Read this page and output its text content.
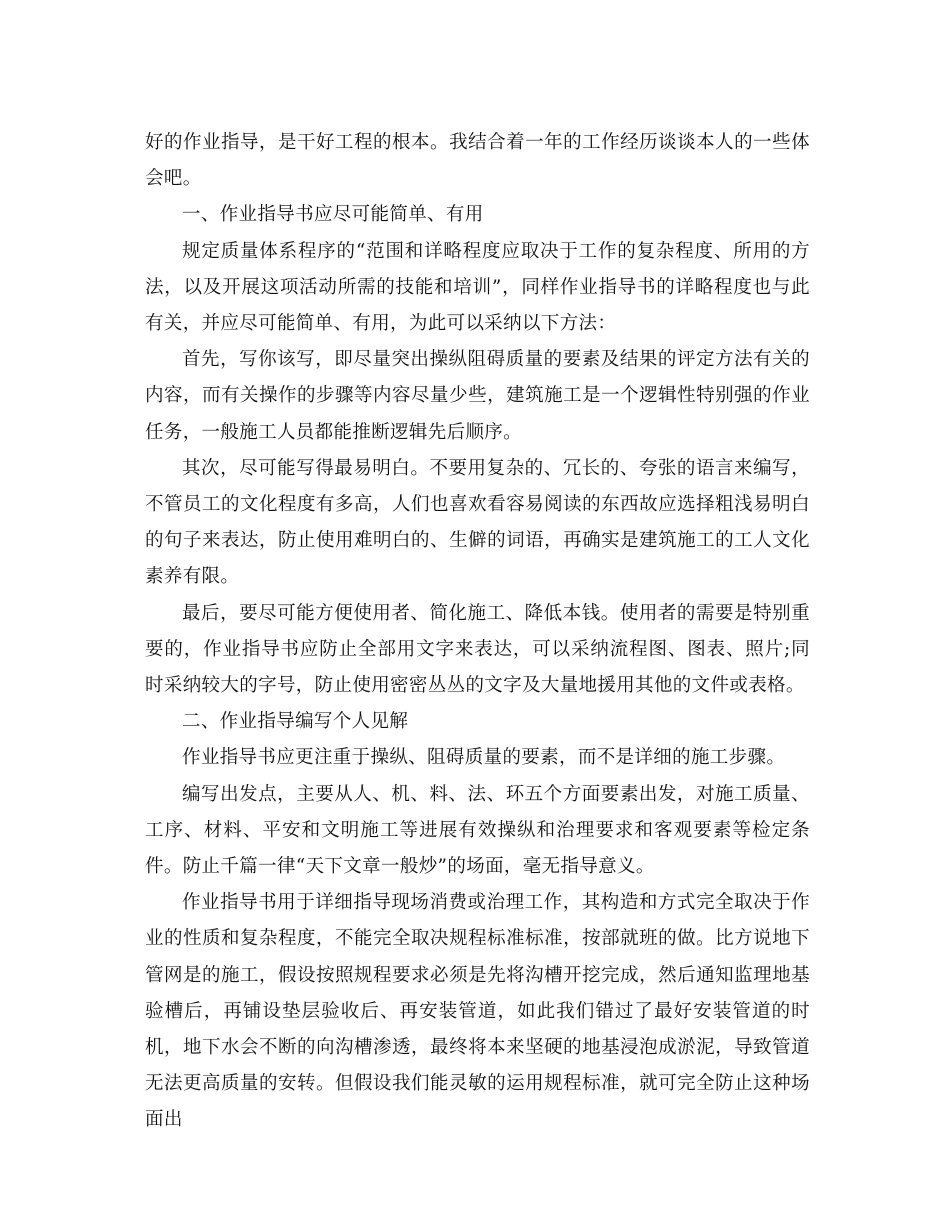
好的作业指导，是干好工程的根本。我结合着一年的工作经历谈谈本人的一些体会吧。

一、作业指导书应尽可能简单、有用

规定质量体系程序的“范围和详略程度应取决于工作的复杂程度、所用的方法，以及开展这项活动所需的技能和培训”，同样作业指导书的详略程度也与此有关，并应尽可能简单、有用，为此可以采纳以下方法：

首先，写你该写，即尽量突出操纵阻碍质量的要素及结果的评定方法有关的内容，而有关操作的步骤等内容尽量少些，建筑施工是一个逻辑性特别强的作业任务，一般施工人员都能推断逻辑先后顺序。

其次，尽可能写得最易明白。不要用复杂的、冗长的、夸张的语言来编写，不管员工的文化程度有多高，人们也喜欢看容易阅读的东西故应选择粗浅易明白的句子来表达，防止使用难明白的、生僻的词语，再确实是建筑施工的工人文化素养有限。

最后，要尽可能方便使用者、简化施工、降低本钱。使用者的需要是特别重要的，作业指导书应防止全部用文字来表达，可以采纳流程图、图表、照片;同时采纳较大的字号，防止使用密密丛丛的文字及大量地援用其他的文件或表格。

二、作业指导编写个人见解

作业指导书应更注重于操纵、阻碍质量的要素，而不是详细的施工步骤。

编写出发点，主要从人、机、料、法、环五个方面要素出发，对施工质量、工序、材料、平安和文明施工等进展有效操纵和治理要求和客观要素等检定条件。防止千篇一律“天下文章一般炒”的场面，毫无指导意义。

作业指导书用于详细指导现场消费或治理工作，其构造和方式完全取决于作业的性质和复杂程度，不能完全取决规程标准标准，按部就班的做。比方说地下管网是的施工，假设按照规程要求必须是先将沟槽开挖完成，然后通知监理地基验槽后，再铺设垫层验收后、再安装管道，如此我们错过了最好安装管道的时机，地下水会不断的向沟槽渗透，最终将本来坚硬的地基浸泡成淤泥，导致管道无法更高质量的安转。但假设我们能灵敏的运用规程标准，就可完全防止这种场面出
